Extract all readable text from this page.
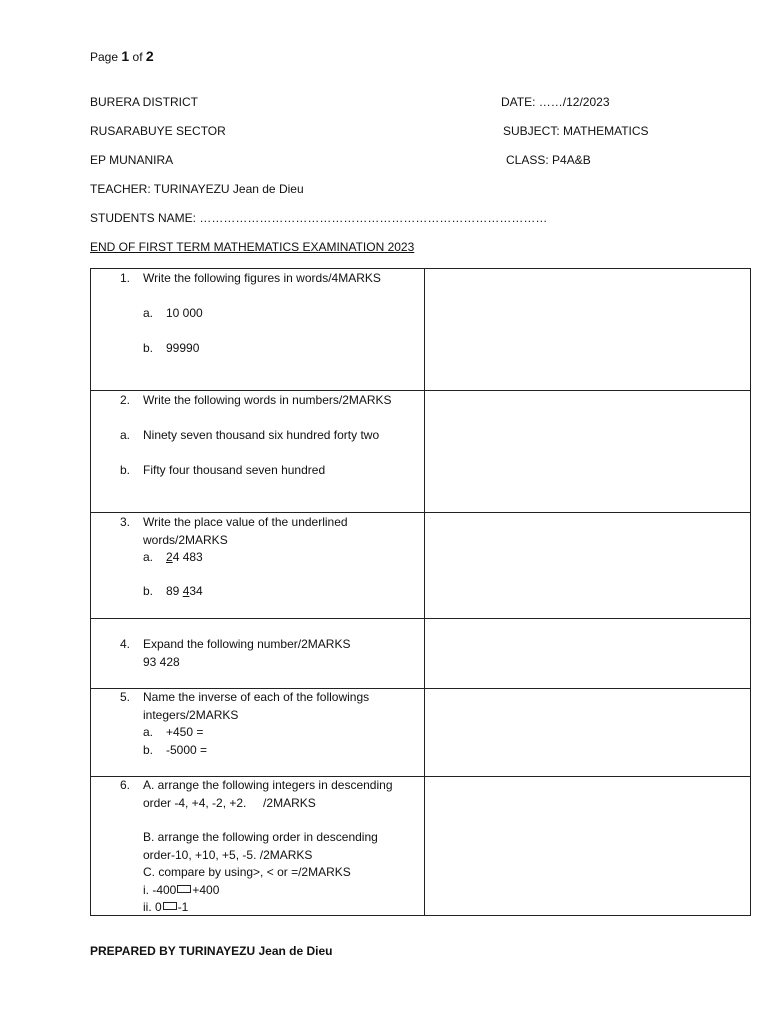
Page 1 of 2
BURERA DISTRICT
RUSARABUYE SECTOR
EP MUNANIRA
TEACHER: TURINAYEZU Jean de Dieu
STUDENTS NAME: ……………………………………………………………………………
DATE: ……/12/2023
SUBJECT: MATHEMATICS
CLASS: P4A&B
END OF FIRST TERM MATHEMATICS EXAMINATION 2023
1. Write the following figures in words/4MARKS
a. 10 000
b. 99990
2. Write the following words in numbers/2MARKS
a. Ninety seven thousand six hundred forty two
b. Fifty four thousand seven hundred
3. Write the place value of the underlined
words/2MARKS
a. 24 483
b. 89 434
4. Expand the following number/2MARKS
93 428
5. Name the inverse of each of the followings
integers/2MARKS
a. +450 =
b. -5000 =
6. A. arrange the following integers in descending
order -4, +4, -2, +2.     /2MARKS
B. arrange the following order in descending
order-10, +10, +5, -5. /2MARKS
C. compare by using>, < or =/2MARKS
i. -400 +400
ii. 0 -1
PREPARED BY TURINAYEZU Jean de Dieu
